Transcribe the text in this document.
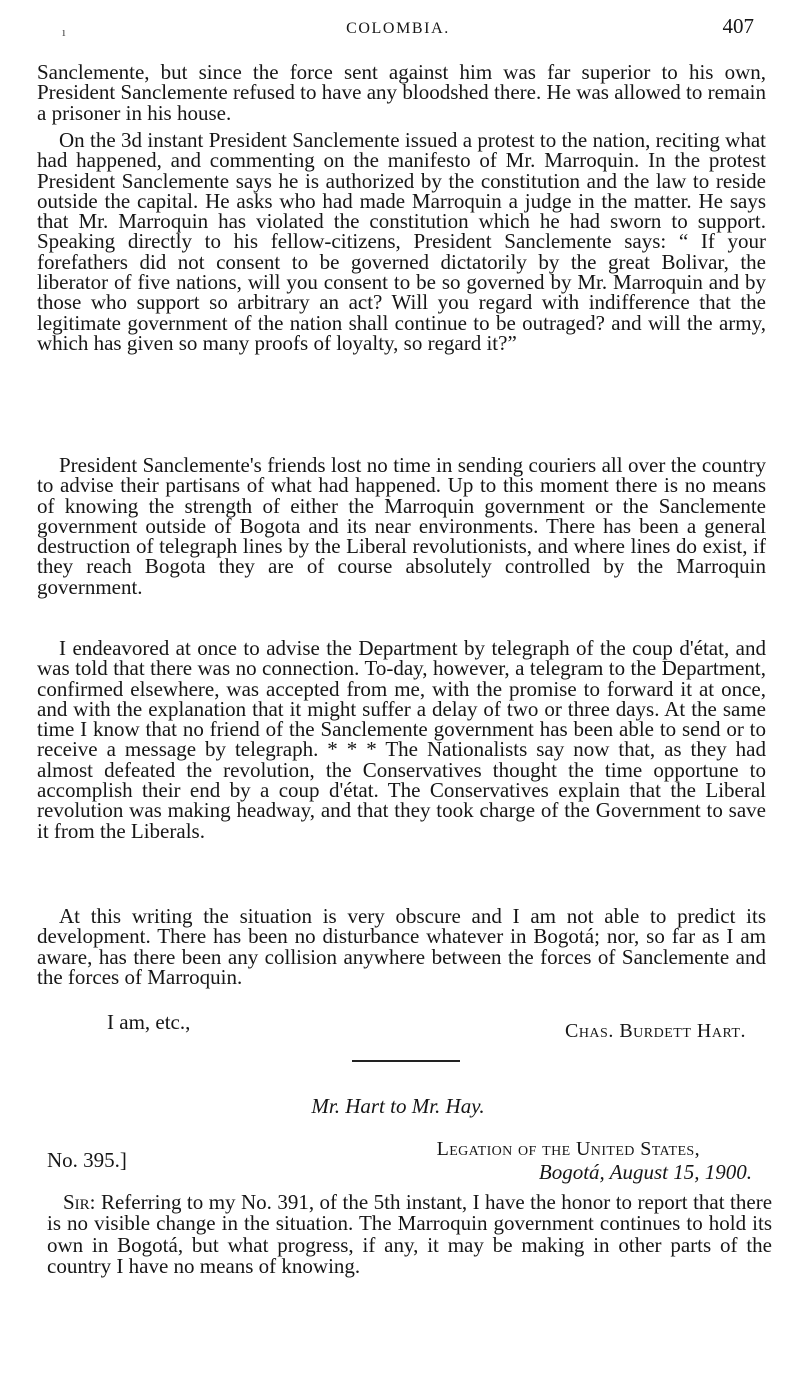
ı	COLOMBIA.	407

Sanclemente, but since the force sent against him was far superior to his own, President Sanclemente refused to have any bloodshed there. He was allowed to remain a prisoner in his house.

On the 3d instant President Sanclemente issued a protest to the nation, reciting what had happened, and commenting on the manifesto of Mr. Marroquin. In the protest President Sanclemente says he is authorized by the constitution and the law to reside outside the capital. He asks who had made Marroquin a judge in the matter. He says that Mr. Marroquin has violated the constitution which he had sworn to support. Speaking directly to his fellow-citizens, President Sanclemente says: “ If your forefathers did not consent to be governed dictatorily by the great Bolivar, the liberator of five nations, will you consent to be so governed by Mr. Marroquin and by those who support so arbitrary an act? Will you regard with indifference that the legitimate government of the nation shall continue to be outraged? and will the army, which has given so many proofs of loyalty, so regard it?”

President Sanclemente's friends lost no time in sending couriers all over the country to advise their partisans of what had happened. Up to this moment there is no means of knowing the strength of either the Marroquin government or the Sanclemente government outside of Bogota and its near environments. There has been a general destruction of telegraph lines by the Liberal revolutionists, and where lines do exist, if they reach Bogota they are of course absolutely controlled by the Marroquin government.

I endeavored at once to advise the Department by telegraph of the coup d'état, and was told that there was no connection. To-day, however, a telegram to the Department, confirmed elsewhere, was accepted from me, with the promise to forward it at once, and with the explanation that it might suffer a delay of two or three days. At the same time I know that no friend of the Sanclemente government has been able to send or to receive a message by telegraph. * * * The Nationalists say now that, as they had almost defeated the revolution, the Conservatives thought the time opportune to accomplish their end by a coup d'état. The Conservatives explain that the Liberal revolution was making headway, and that they took charge of the Government to save it from the Liberals.

At this writing the situation is very obscure and I am not able to predict its development. There has been no disturbance whatever in Bogotá; nor, so far as I am aware, has there been any collision anywhere between the forces of Sanclemente and the forces of Marroquin.

I am, etc.,	Chas. Burdett Hart.
Mr. Hart to Mr. Hay.
No. 395.]	Legation of the United States,
Bogotá, August 15, 1900.

Sir: Referring to my No. 391, of the 5th instant, I have the honor to report that there is no visible change in the situation. The Marroquin government continues to hold its own in Bogotá, but what progress, if any, it may be making in other parts of the country I have no means of knowing.
